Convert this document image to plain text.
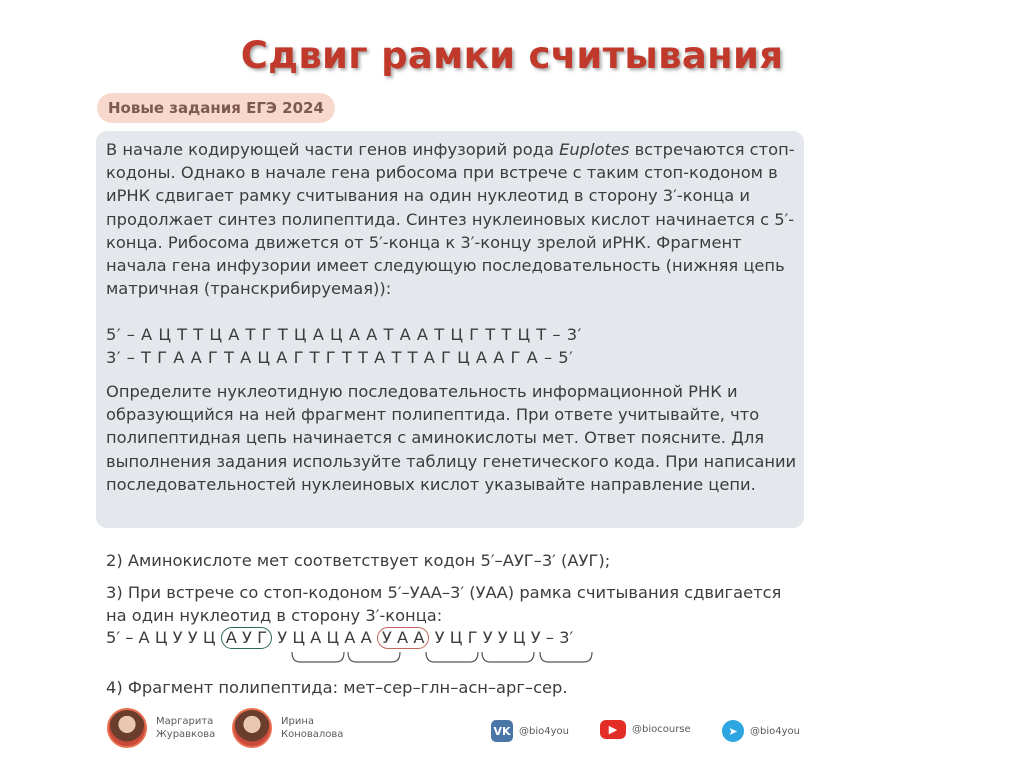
Сдвиг рамки считывания
Новые задания ЕГЭ 2024

В начале кодирующей части генов инфузорий рода Euplotes встречаются стоп-кодоны. Однако в начале гена рибосома при встрече с таким стоп-кодоном в иРНК сдвигает рамку считывания на один нуклеотид в сторону 3′-конца и продолжает синтез полипептида. Синтез нуклеиновых кислот начинается с 5′-конца. Рибосома движется от 5′-конца к 3′-концу зрелой иРНК. Фрагмент начала гена инфузории имеет следующую последовательность (нижняя цепь матричная (транскрибируемая)):

5′ – А Ц Т Т Ц А Т Г Т Ц А Ц А А Т А А Т Ц Г Т Т Ц Т – 3′
3′ – Т Г А А Г Т А Ц А Г Т Г Т Т А Т Т А Г Ц А А Г А – 5′

Определите нуклеотидную последовательность информационной РНК и образующийся на ней фрагмент полипептида. При ответе учитывайте, что полипептидная цепь начинается с аминокислоты мет. Ответ поясните. Для выполнения задания используйте таблицу генетического кода. При написании последовательностей нуклеиновых кислот указывайте направление цепи.

2) Аминокислоте мет соответствует кодон 5′–АУГ–3′ (АУГ);
3) При встрече со стоп-кодоном 5′–УАА–3′ (УАА) рамка считывания сдвигается
на один нуклеотид в сторону 3′-конца:
5′ – А Ц У У Ц А У Г У Ц А Ц А А У А А У Ц Г У У Ц У – 3′
4) Фрагмент полипептида: мет–сер–глн–асн–арг–сер.
Маргарита
Журавкова
Ирина
Коновалова	VK @bio4you	▶	@biocourse	➤	@bio4you
